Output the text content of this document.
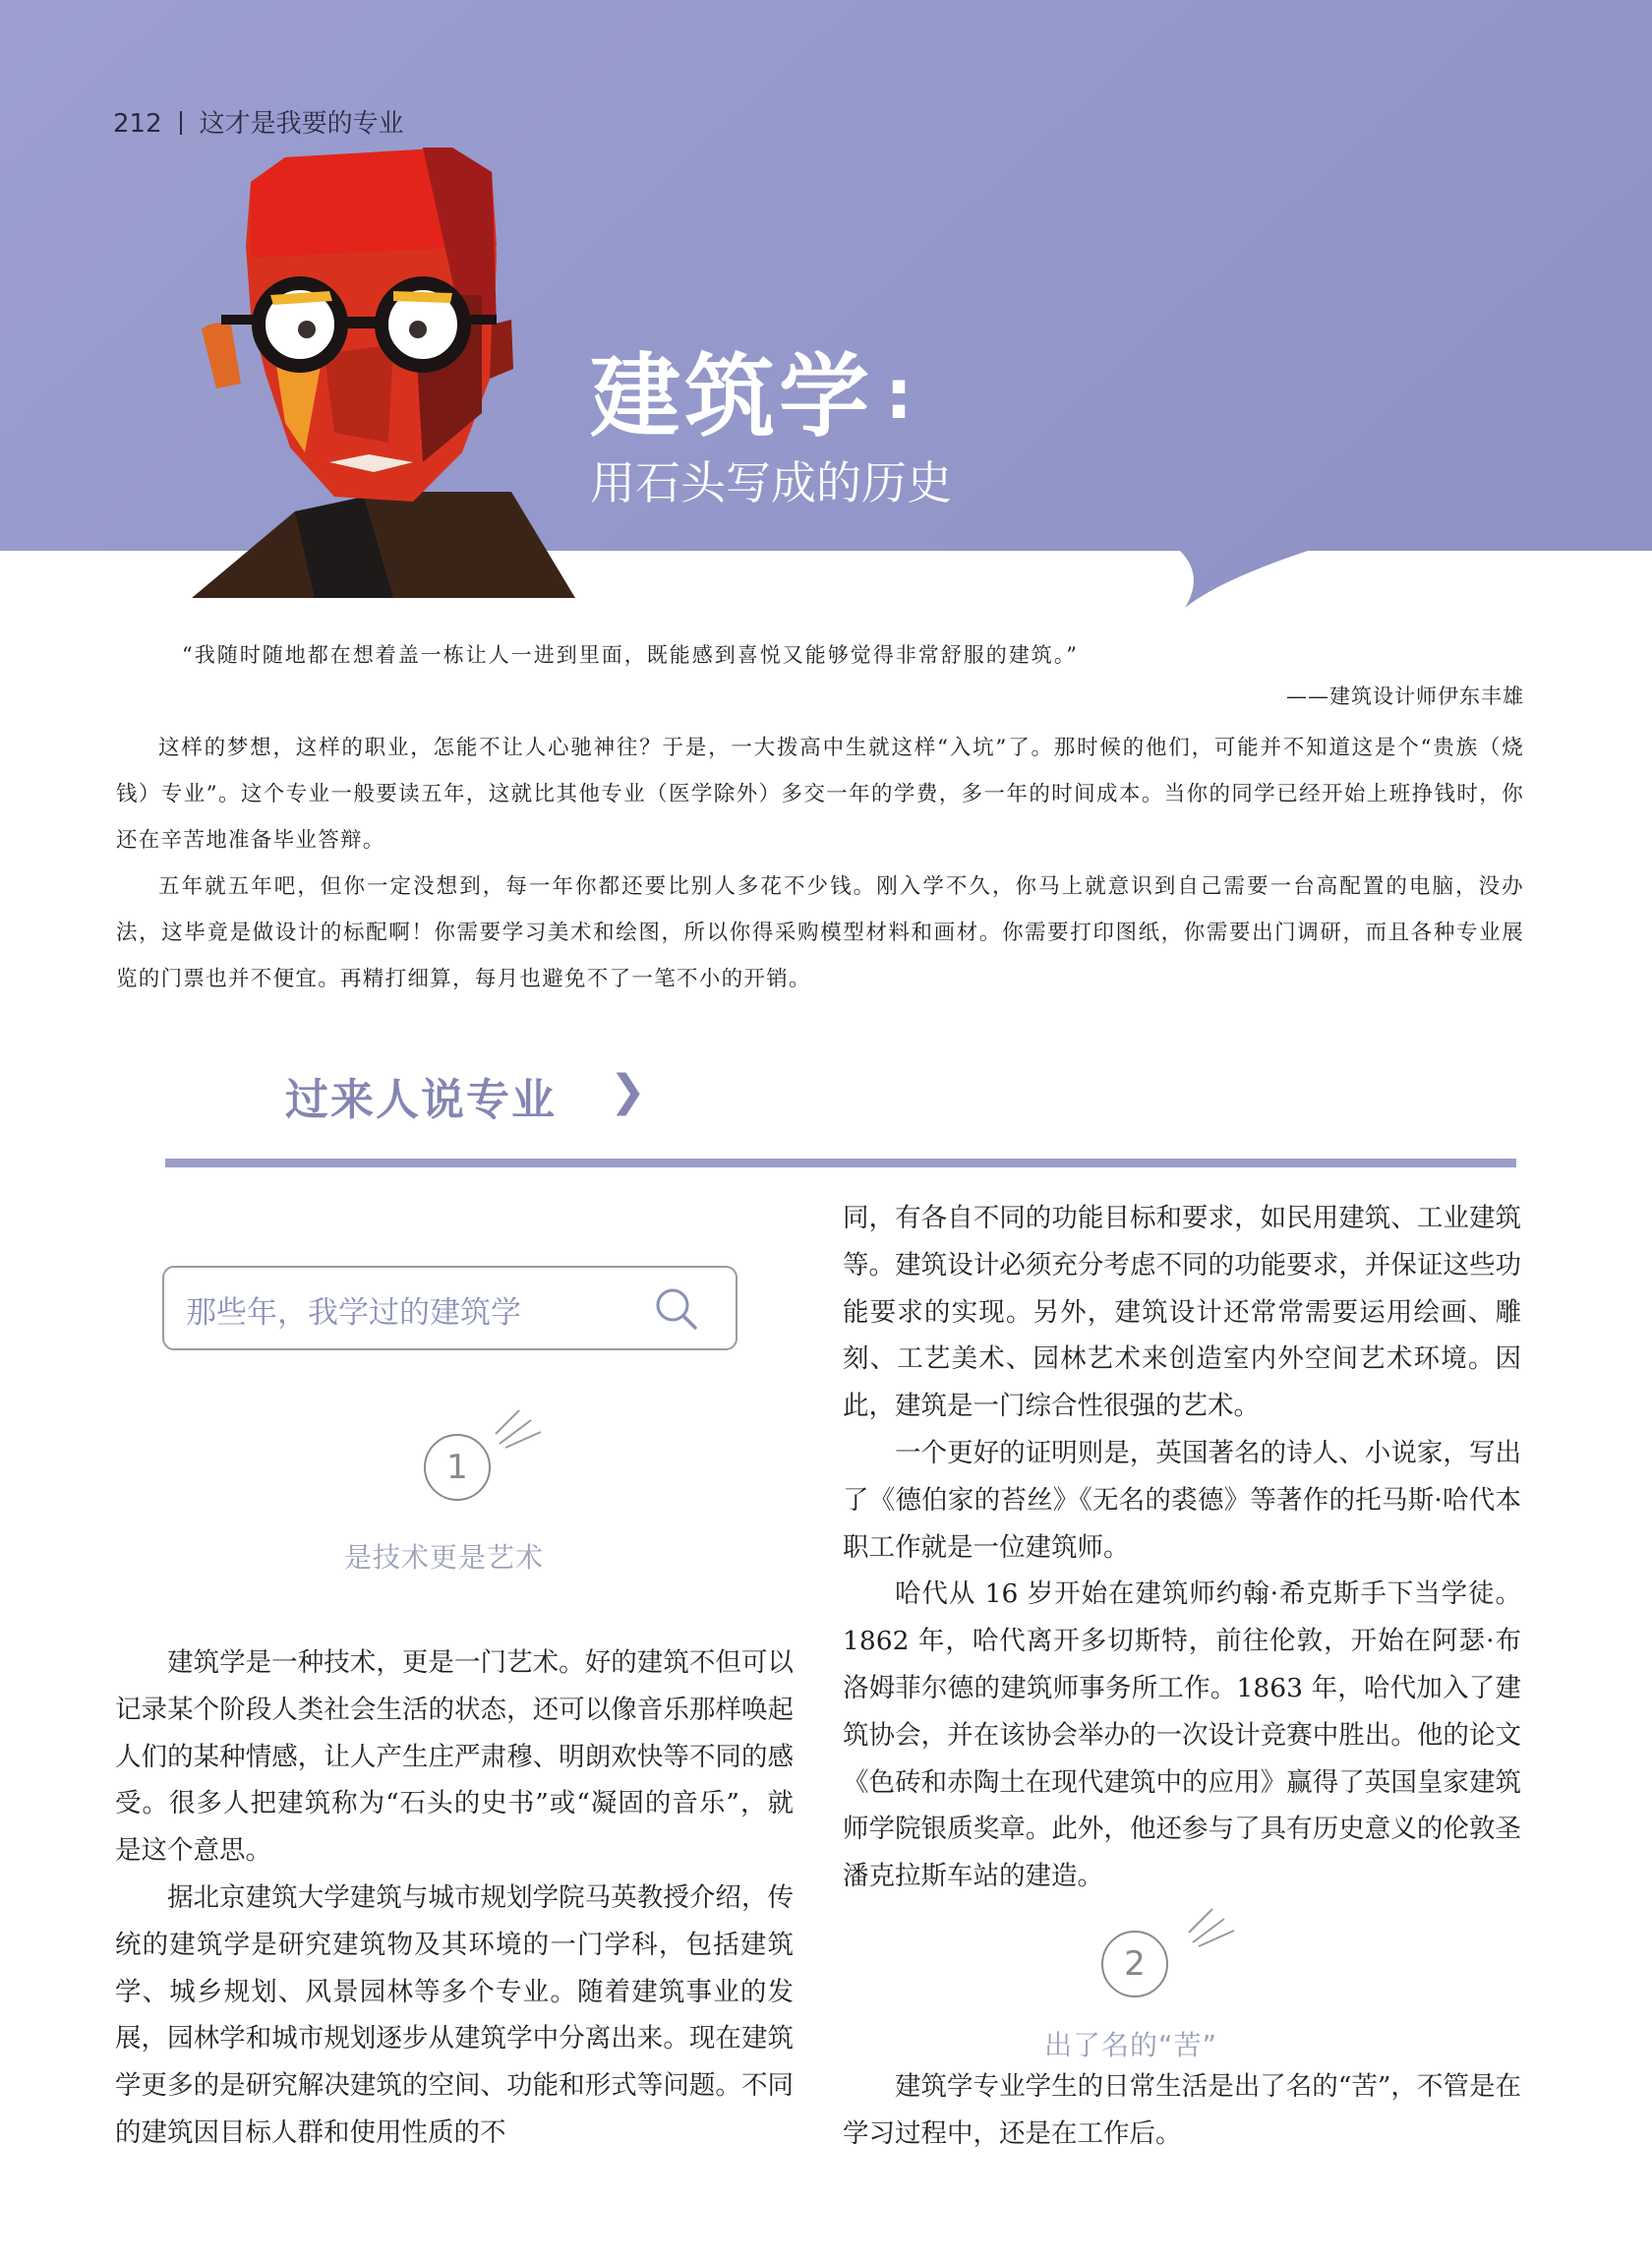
212 这才是我要的专业
建筑学 :
用石头写成的历史
“我随时随地都在想着盖一栋让人一进到里面，既能感到喜悦又能够觉得非常舒服的建筑。”
——建筑设计师伊东丰雄

这样的梦想，这样的职业，怎能不让人心驰神往？于是，一大拨高中生就这样“入坑”了。那时候的他们，可能并不知道这是个“贵族（烧钱）专业”。这个专业一般要读五年，这就比其他专业（医学除外）多交一年的学费，多一年的时间成本。当你的同学已经开始上班挣钱时，你还在辛苦地准备毕业答辩。

五年就五年吧，但你一定没想到，每一年你都还要比别人多花不少钱。刚入学不久，你马上就意识到自己需要一台高配置的电脑，没办法，这毕竟是做设计的标配啊！你需要学习美术和绘图，所以你得采购模型材料和画材。你需要打印图纸，你需要出门调研，而且各种专业展览的门票也并不便宜。再精打细算，每月也避免不了一笔不小的开销。

过来人说专业 ❯
那些年，我学过的建筑学
1
是技术更是艺术

建筑学是一种技术，更是一门艺术。好的建筑不但可以记录某个阶段人类社会生活的状态，还可以像音乐那样唤起人们的某种情感，让人产生庄严肃穆、明朗欢快等不同的感受。很多人把建筑称为“石头的史书”或“凝固的音乐”，就是这个意思。

据北京建筑大学建筑与城市规划学院马英教授介绍，传统的建筑学是研究建筑物及其环境的一门学科，包括建筑学、城乡规划、风景园林等多个专业。随着建筑事业的发展，园林学和城市规划逐步从建筑学中分离出来。现在建筑学更多的是研究解决建筑的空间、功能和形式等问题。不同的建筑因目标人群和使用性质的不

同，有各自不同的功能目标和要求，如民用建筑、工业建筑等。建筑设计必须充分考虑不同的功能要求，并保证这些功能要求的实现。另外，建筑设计还常常需要运用绘画、雕刻、工艺美术、园林艺术来创造室内外空间艺术环境。因此，建筑是一门综合性很强的艺术。

一个更好的证明则是，英国著名的诗人、小说家，写出了《德伯家的苔丝》《无名的裘德》等著作的托马斯·哈代本职工作就是一位建筑师。

哈代从 16 岁开始在建筑师约翰·希克斯手下当学徒。1862 年，哈代离开多切斯特，前往伦敦，开始在阿瑟·布洛姆菲尔德的建筑师事务所工作。1863 年，哈代加入了建筑协会，并在该协会举办的一次设计竞赛中胜出。他的论文《色砖和赤陶土在现代建筑中的应用》赢得了英国皇家建筑师学院银质奖章。此外，他还参与了具有历史意义的伦敦圣潘克拉斯车站的建造。

2
出了名的“苦”

建筑学专业学生的日常生活是出了名的“苦”，不管是在学习过程中，还是在工作后。
